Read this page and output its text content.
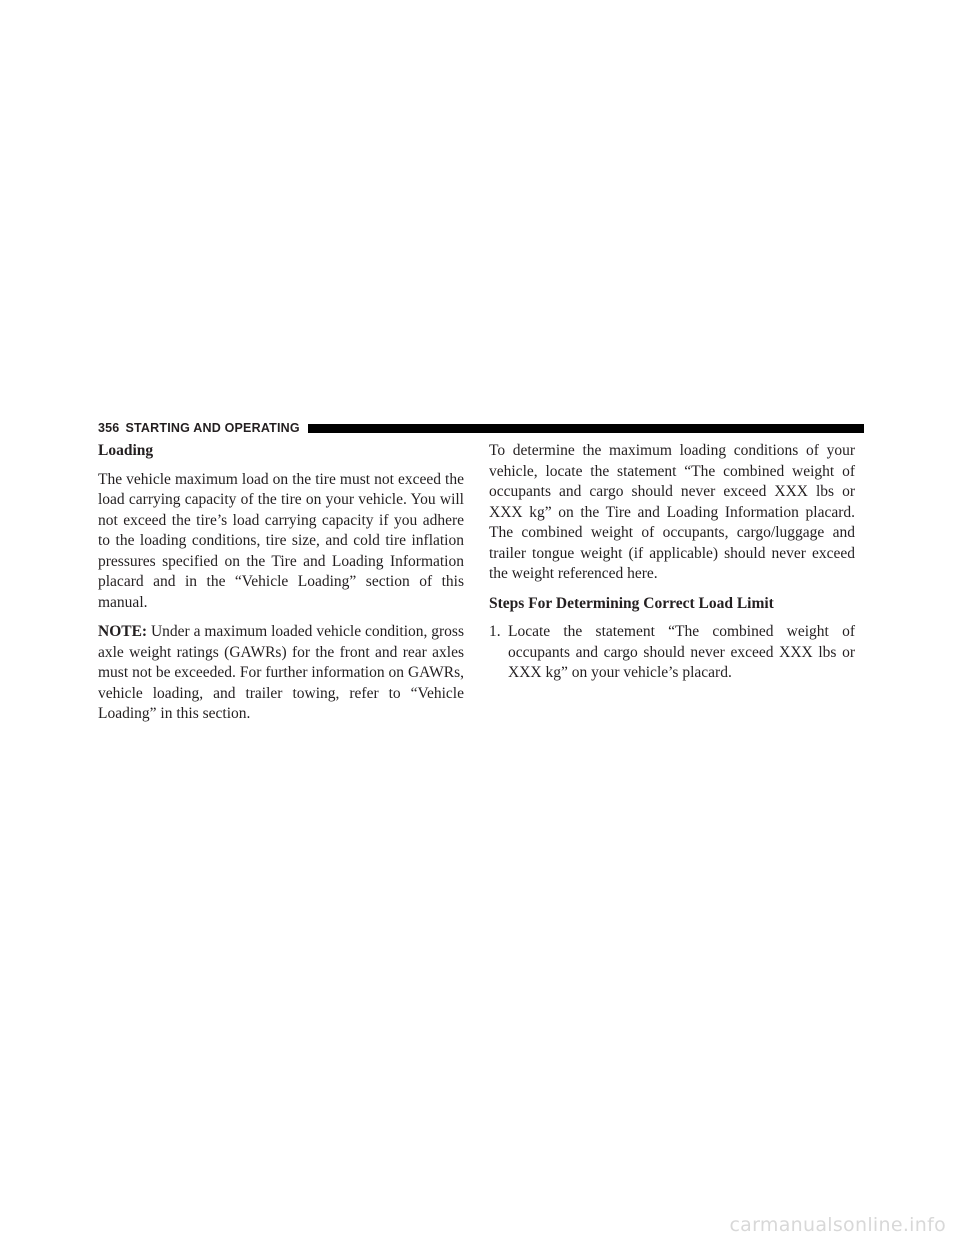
356 STARTING AND OPERATING

Loading

The vehicle maximum load on the tire must not exceed the load carrying capacity of the tire on your vehicle. You will not exceed the tire’s load carrying capacity if you adhere to the loading conditions, tire size, and cold tire inflation pressures specified on the Tire and Loading Information placard and in the “Vehicle Loading” section of this manual.

NOTE: Under a maximum loaded vehicle condition, gross axle weight ratings (GAWRs) for the front and rear axles must not be exceeded. For further information on GAWRs, vehicle loading, and trailer towing, refer to “Vehicle Loading” in this section.

To determine the maximum loading conditions of your vehicle, locate the statement “The combined weight of occupants and cargo should never exceed XXX lbs or XXX kg” on the Tire and Loading Information placard. The combined weight of occupants, cargo/luggage and trailer tongue weight (if applicable) should never exceed the weight referenced here.

Steps For Determining Correct Load Limit

1. Locate the statement “The combined weight of occupants and cargo should never exceed XXX lbs or XXX kg” on your vehicle’s placard.
carmanualsonline.info
